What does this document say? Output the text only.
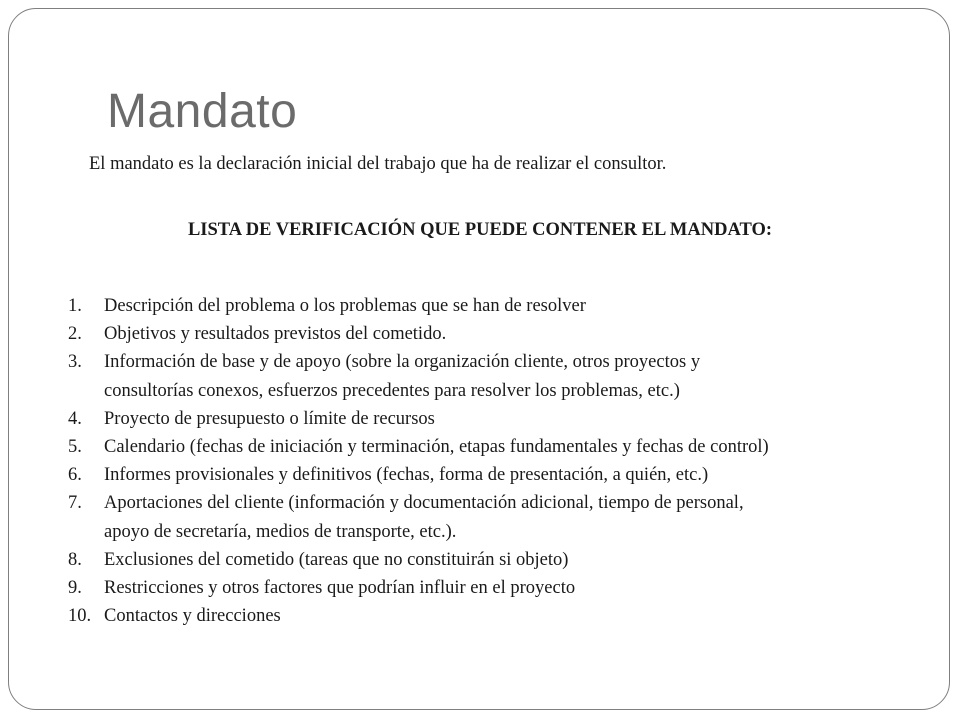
Mandato

El mandato es la declaración inicial del trabajo que ha de realizar el consultor.

LISTA DE VERIFICACIÓN QUE PUEDE CONTENER EL MANDATO:

1. Descripción del problema o los problemas que se han de resolver
2. Objetivos y resultados previstos del cometido.
3. Información de base y de apoyo (sobre la organización cliente, otros proyectos y
consultorías conexos, esfuerzos precedentes para resolver los problemas, etc.)
4. Proyecto de presupuesto o límite de recursos
5. Calendario (fechas de iniciación y terminación, etapas fundamentales y fechas de control)
6. Informes provisionales y definitivos (fechas, forma de presentación, a quién, etc.)
7. Aportaciones del cliente (información y documentación adicional, tiempo de personal,
apoyo de secretaría, medios de transporte, etc.).
8. Exclusiones del cometido (tareas que no constituirán si objeto)
9. Restricciones y otros factores que podrían influir en el proyecto
10. Contactos y direcciones
